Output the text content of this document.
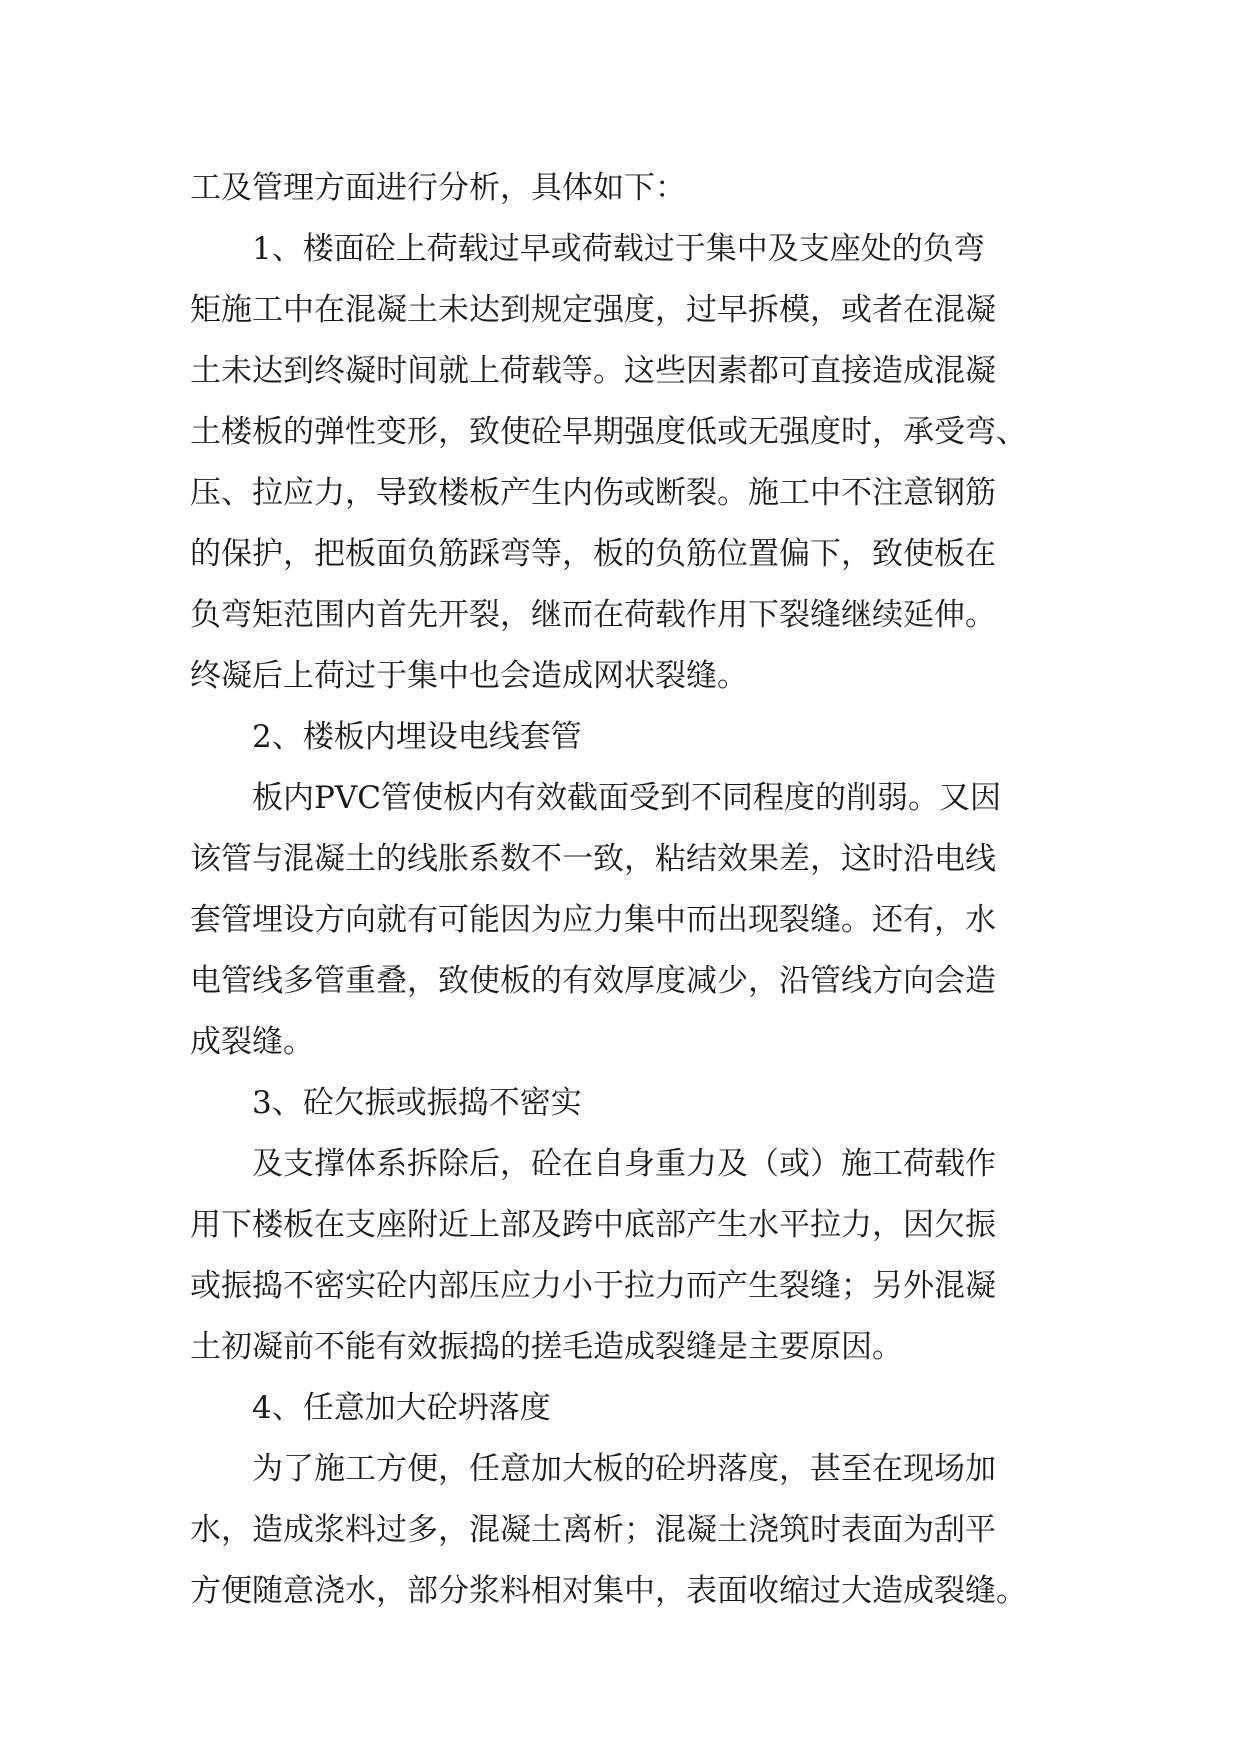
工及管理方面进行分析，具体如下：
1、楼面砼上荷载过早或荷载过于集中及支座处的负弯
矩施工中在混凝土未达到规定强度，过早拆模，或者在混凝
土未达到终凝时间就上荷载等。这些因素都可直接造成混凝
土楼板的弹性变形，致使砼早期强度低或无强度时，承受弯、
压、拉应力，导致楼板产生内伤或断裂。施工中不注意钢筋
的保护，把板面负筋踩弯等，板的负筋位置偏下，致使板在
负弯矩范围内首先开裂，继而在荷载作用下裂缝继续延伸。
终凝后上荷过于集中也会造成网状裂缝。
2、楼板内埋设电线套管
板内PVC管使板内有效截面受到不同程度的削弱。又因
该管与混凝土的线胀系数不一致，粘结效果差，这时沿电线
套管埋设方向就有可能因为应力集中而出现裂缝。还有，水
电管线多管重叠，致使板的有效厚度减少，沿管线方向会造
成裂缝。
3、砼欠振或振捣不密实
及支撑体系拆除后，砼在自身重力及（或）施工荷载作
用下楼板在支座附近上部及跨中底部产生水平拉力，因欠振
或振捣不密实砼内部压应力小于拉力而产生裂缝；另外混凝
土初凝前不能有效振捣的搓毛造成裂缝是主要原因。
4、任意加大砼坍落度
为了施工方便，任意加大板的砼坍落度，甚至在现场加
水，造成浆料过多，混凝土离析；混凝土浇筑时表面为刮平
方便随意浇水，部分浆料相对集中，表面收缩过大造成裂缝。
